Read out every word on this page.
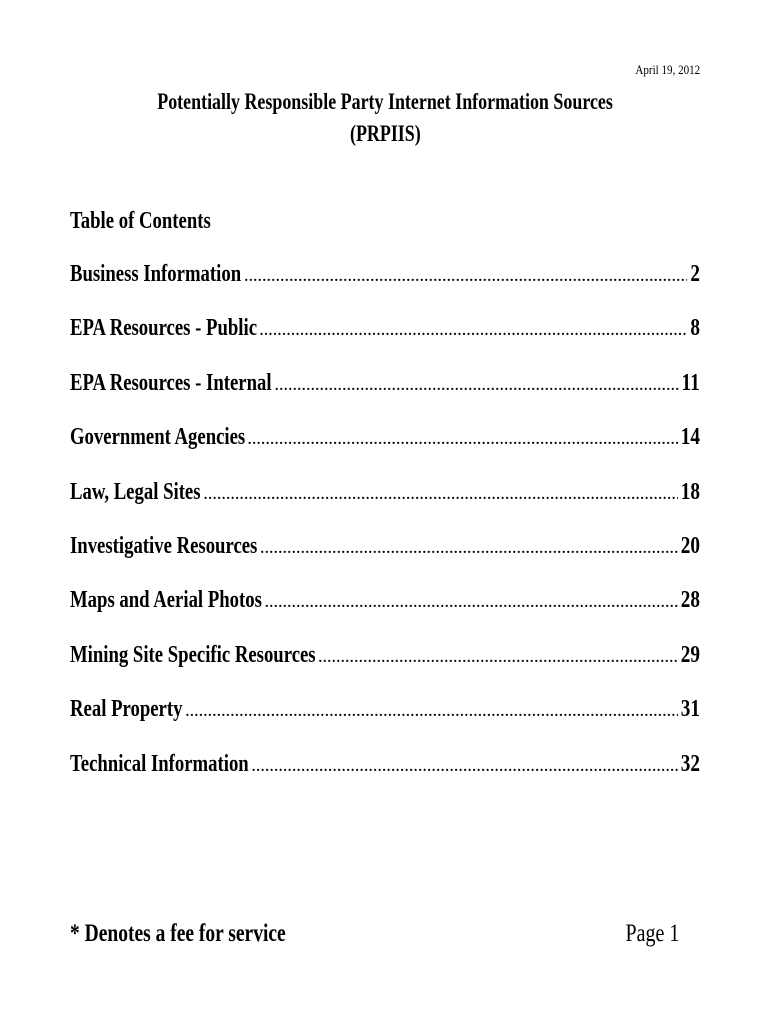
April 19, 2012
Potentially Responsible Party Internet Information Sources
(PRPIIS)
Table of Contents
Business Information .....	2
EPA Resources - Public .....	8
EPA Resources - Internal .....	11
Government Agencies .....	14
Law, Legal Sites .....	18
Investigative Resources .....	20
Maps and Aerial Photos .....	28
Mining Site Specific Resources .....	29
Real Property .....	31
Technical Information .....	32
* Denotes a fee for service	Page 1
